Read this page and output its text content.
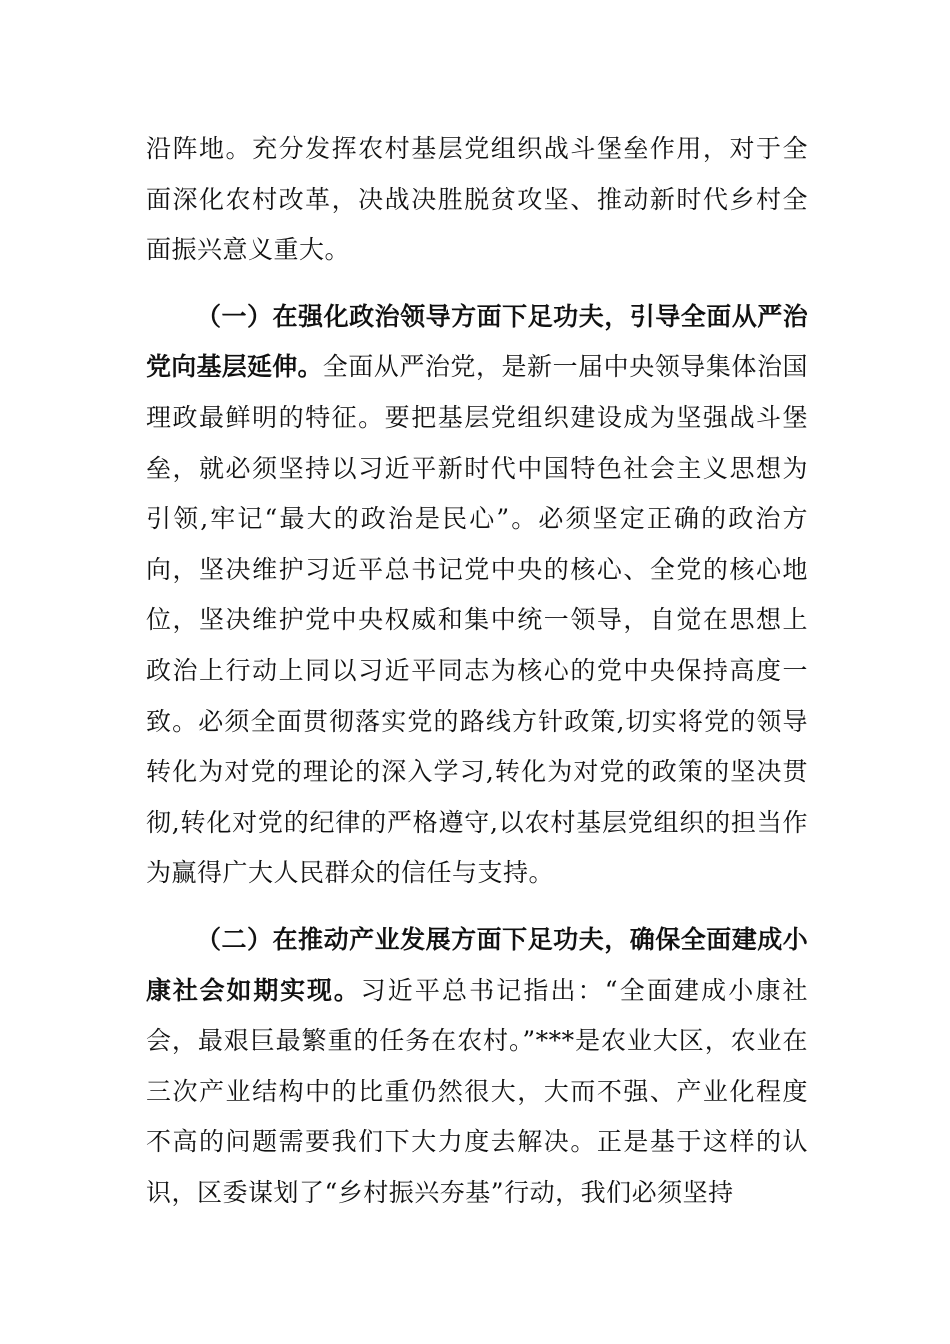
沿阵地。充分发挥农村基层党组织战斗堡垒作用，对于全面深化农村改革，决战决胜脱贫攻坚、推动新时代乡村全面振兴意义重大。

（一）在强化政治领导方面下足功夫，引导全面从严治党向基层延伸。全面从严治党，是新一届中央领导集体治国理政最鲜明的特征。要把基层党组织建设成为坚强战斗堡垒，就必须坚持以习近平新时代中国特色社会主义思想为引领,牢记“最大的政治是民心”。必须坚定正确的政治方向，坚决维护习近平总书记党中央的核心、全党的核心地位，坚决维护党中央权威和集中统一领导，自觉在思想上政治上行动上同以习近平同志为核心的党中央保持高度一致。必须全面贯彻落实党的路线方针政策,切实将党的领导转化为对党的理论的深入学习,转化为对党的政策的坚决贯彻,转化对党的纪律的严格遵守,以农村基层党组织的担当作为赢得广大人民群众的信任与支持。

（二）在推动产业发展方面下足功夫，确保全面建成小康社会如期实现。习近平总书记指出：“全面建成小康社会，最艰巨最繁重的任务在农村。”***是农业大区，农业在三次产业结构中的比重仍然很大，大而不强、产业化程度不高的问题需要我们下大力度去解决。正是基于这样的认识，区委谋划了“乡村振兴夯基”行动，我们必须坚持
